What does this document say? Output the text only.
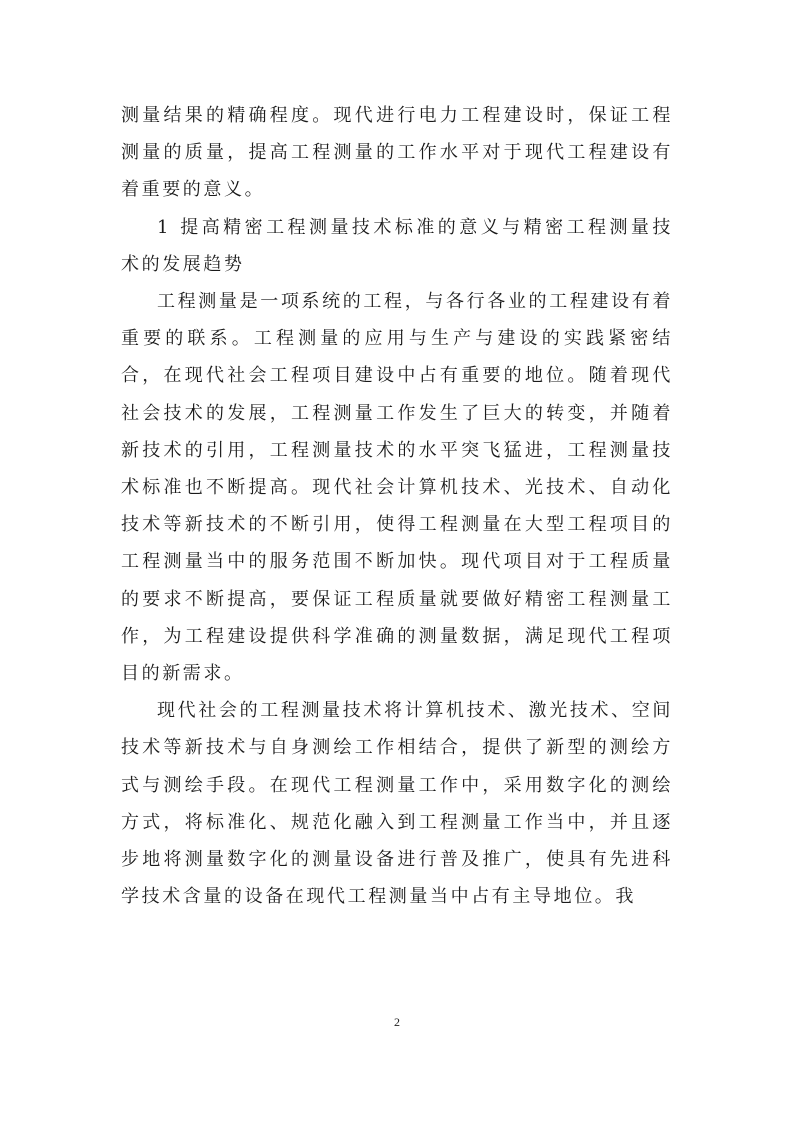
测量结果的精确程度。现代进行电力工程建设时，保证工程测量的质量，提高工程测量的工作水平对于现代工程建设有着重要的意义。

1 提高精密工程测量技术标准的意义与精密工程测量技术的发展趋势

工程测量是一项系统的工程，与各行各业的工程建设有着重要的联系。工程测量的应用与生产与建设的实践紧密结合，在现代社会工程项目建设中占有重要的地位。随着现代社会技术的发展，工程测量工作发生了巨大的转变，并随着新技术的引用，工程测量技术的水平突飞猛进，工程测量技术标准也不断提高。现代社会计算机技术、光技术、自动化技术等新技术的不断引用，使得工程测量在大型工程项目的工程测量当中的服务范围不断加快。现代项目对于工程质量的要求不断提高，要保证工程质量就要做好精密工程测量工作，为工程建设提供科学准确的测量数据，满足现代工程项目的新需求。

现代社会的工程测量技术将计算机技术、激光技术、空间技术等新技术与自身测绘工作相结合，提供了新型的测绘方式与测绘手段。在现代工程测量工作中，采用数字化的测绘方式，将标准化、规范化融入到工程测量工作当中，并且逐步地将测量数字化的测量设备进行普及推广，使具有先进科学技术含量的设备在现代工程测量当中占有主导地位。我

2
